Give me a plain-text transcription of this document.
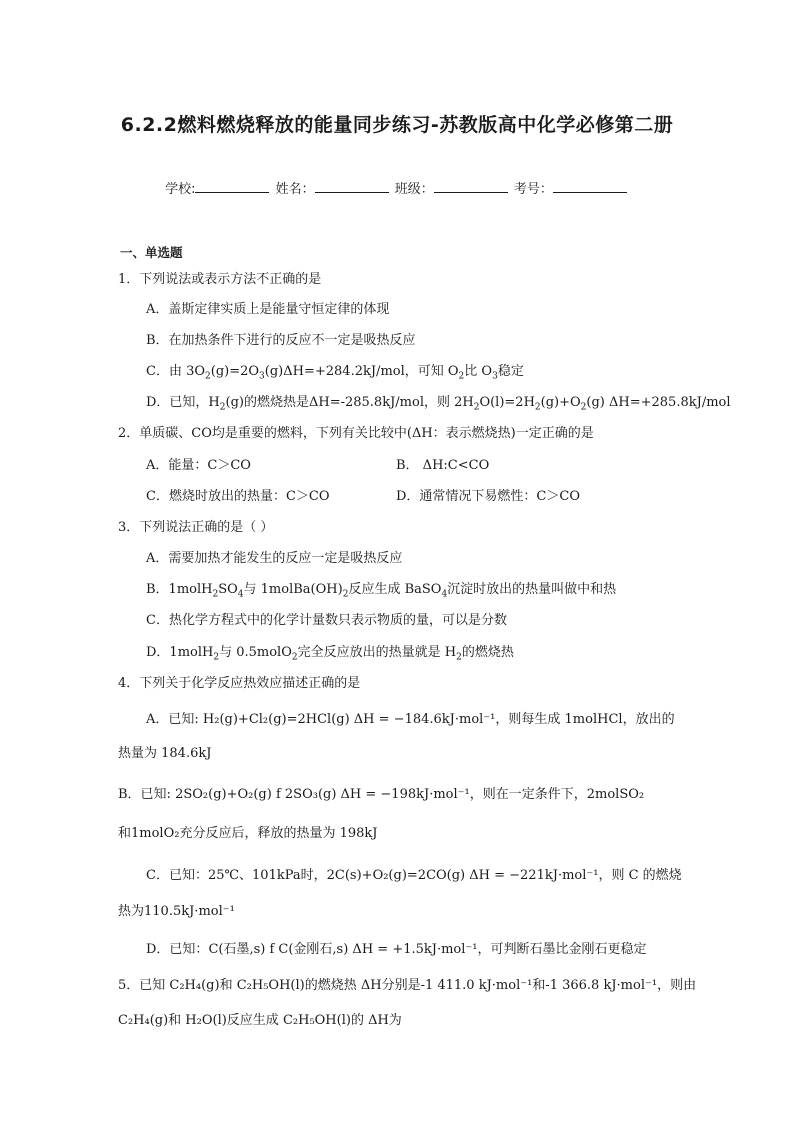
6.2.2燃料燃烧释放的能量同步练习-苏教版高中化学必修第二册
学校:	姓名：	班级：	考号：
一、单选题
1．下列说法或表示方法不正确的是
A．盖斯定律实质上是能量守恒定律的体现
B．在加热条件下进行的反应不一定是吸热反应
C．由 $3O_2(g)=2O_3(g)\Delta H=+284.2kJ$/mol，可知 $O_2$比 $O_3$稳定
D．已知，$H_2(g)$的燃烧热是ΔH=-285.8kJ/mol，则 $2H_2O(l)=2H_2(g)+O_2(g)$ ΔH=+285.8kJ/mol
2．单质碳、CO均是重要的燃料，下列有关比较中(ΔH：表示燃烧热)一定正确的是
A．能量：C＞CO	B． ΔH:C<CO
C．燃烧时放出的热量：C＞CO	D．通常情况下易燃性：C＞CO
3．下列说法正确的是（ ）
A．需要加热才能发生的反应一定是吸热反应
B．$1molH_2SO_4$与 $1molBa(OH)_2$反应生成 BaSO$_4$沉淀时放出的热量叫做中和热
C．热化学方程式中的化学计量数只表示物质的量，可以是分数
D．1molH$_2$与 0.5molO$_2$完全反应放出的热量就是 $H_2$的燃烧热
4．下列关于化学反应热效应描述正确的是
A．已知: H₂(g)+Cl₂(g)=2HCl(g) ΔH = −184.6kJ·mol⁻¹，则每生成 1molHCl，放出的
热量为 184.6kJ
B．已知: 2SO₂(g)+O₂(g) f 2SO₃(g) ΔH = −198kJ·mol⁻¹，则在一定条件下，2molSO₂
和1molO₂充分反应后，释放的热量为 198kJ
C．已知：25℃、101kPa时，2C(s)+O₂(g)=2CO(g) ΔH = −221kJ·mol⁻¹，则 C 的燃烧
热为110.5kJ·mol⁻¹
D．已知：C(石墨,s) f C(金刚石,s) ΔH = +1.5kJ·mol⁻¹，可判断石墨比金刚石更稳定
5．已知 C₂H₄(g)和 C₂H₅OH(l)的燃烧热 ΔH分别是-1 411.0 kJ·mol⁻¹和-1 366.8 kJ·mol⁻¹，则由
C₂H₄(g)和 H₂O(l)反应生成 C₂H₅OH(l)的 ΔH为
